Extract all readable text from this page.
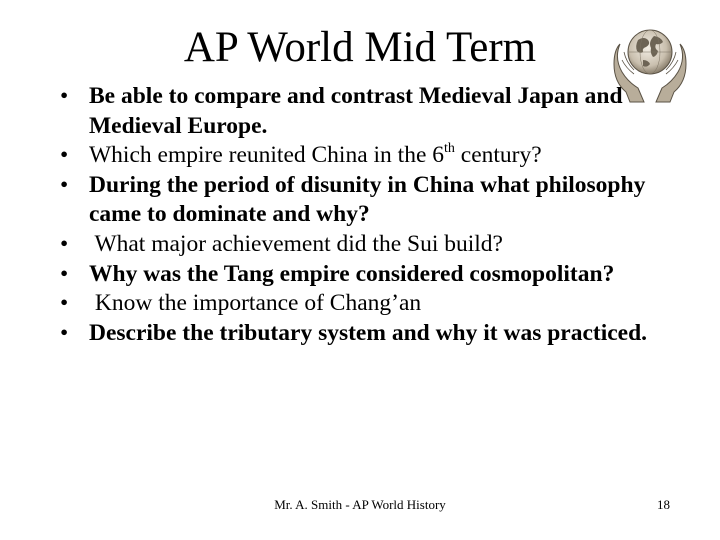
AP World Mid Term
• Be able to compare and contrast Medieval Japan and Medieval Europe.
• Which empire reunited China in the 6th century?
• During the period of disunity in China what philosophy came to dominate and why?
• What major achievement did the Sui build?
• Why was the Tang empire considered cosmopolitan?
• Know the importance of Chang’an
• Describe the tributary system and why it was practiced.
Mr. A. Smith - AP World History	18
